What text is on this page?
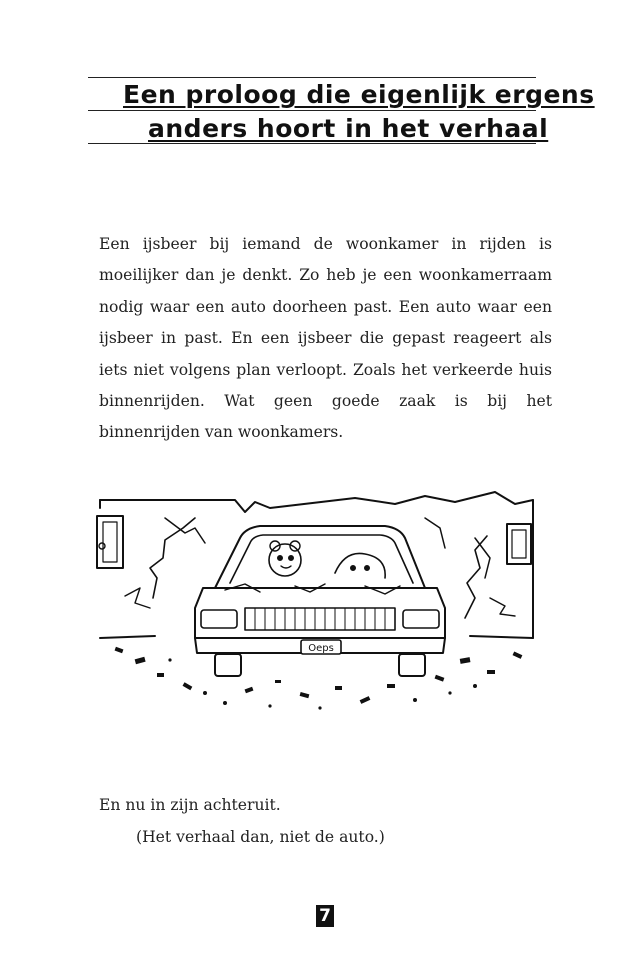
Een proloog die eigenlijk ergens
anders hoort in het verhaal

Een ijsbeer bij iemand de woonkamer in rijden is moeilijker dan je denkt. Zo heb je een woonkamerraam nodig waar een auto doorheen past. Een auto waar een ijsbeer in past. En een ijsbeer die gepast reageert als iets niet volgens plan verloopt. Zoals het verkeerde huis binnenrijden. Wat geen goede zaak is bij het binnenrijden van woonkamers.

Oeps
En nu in zijn achteruit.
(Het verhaal dan, niet de auto.)
7
